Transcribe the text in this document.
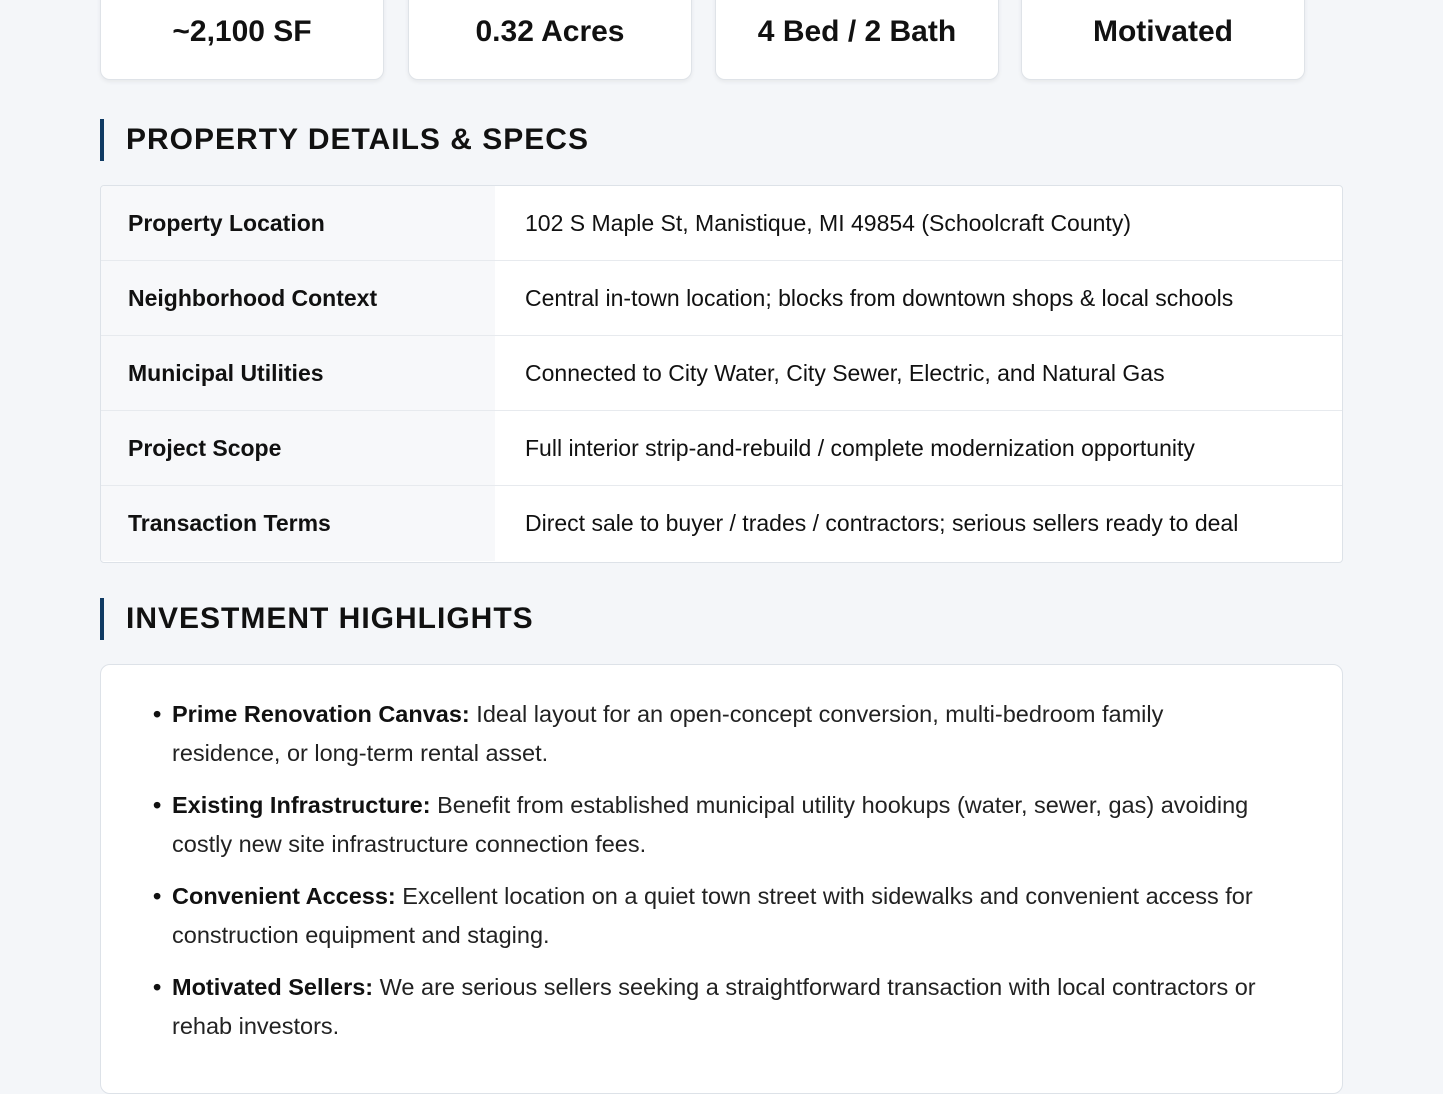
~2,100 SF	0.32 Acres	4 Bed / 2 Bath	Motivated
PROPERTY DETAILS & SPECS
Property Location	102 S Maple St, Manistique, MI 49854 (Schoolcraft County)
Neighborhood Context	Central in-town location; blocks from downtown shops & local schools
Municipal Utilities	Connected to City Water, City Sewer, Electric, and Natural Gas
Project Scope	Full interior strip-and-rebuild / complete modernization opportunity
Transaction Terms	Direct sale to buyer / trades / contractors; serious sellers ready to deal
INVESTMENT HIGHLIGHTS
• Prime Renovation Canvas: Ideal layout for an open-concept conversion, multi-bedroom family residence, or long-term rental asset.
• Existing Infrastructure: Benefit from established municipal utility hookups (water, sewer, gas) avoiding costly new site infrastructure connection fees.
• Convenient Access: Excellent location on a quiet town street with sidewalks and convenient access for construction equipment and staging.
• Motivated Sellers: We are serious sellers seeking a straightforward transaction with local contractors or rehab investors.
